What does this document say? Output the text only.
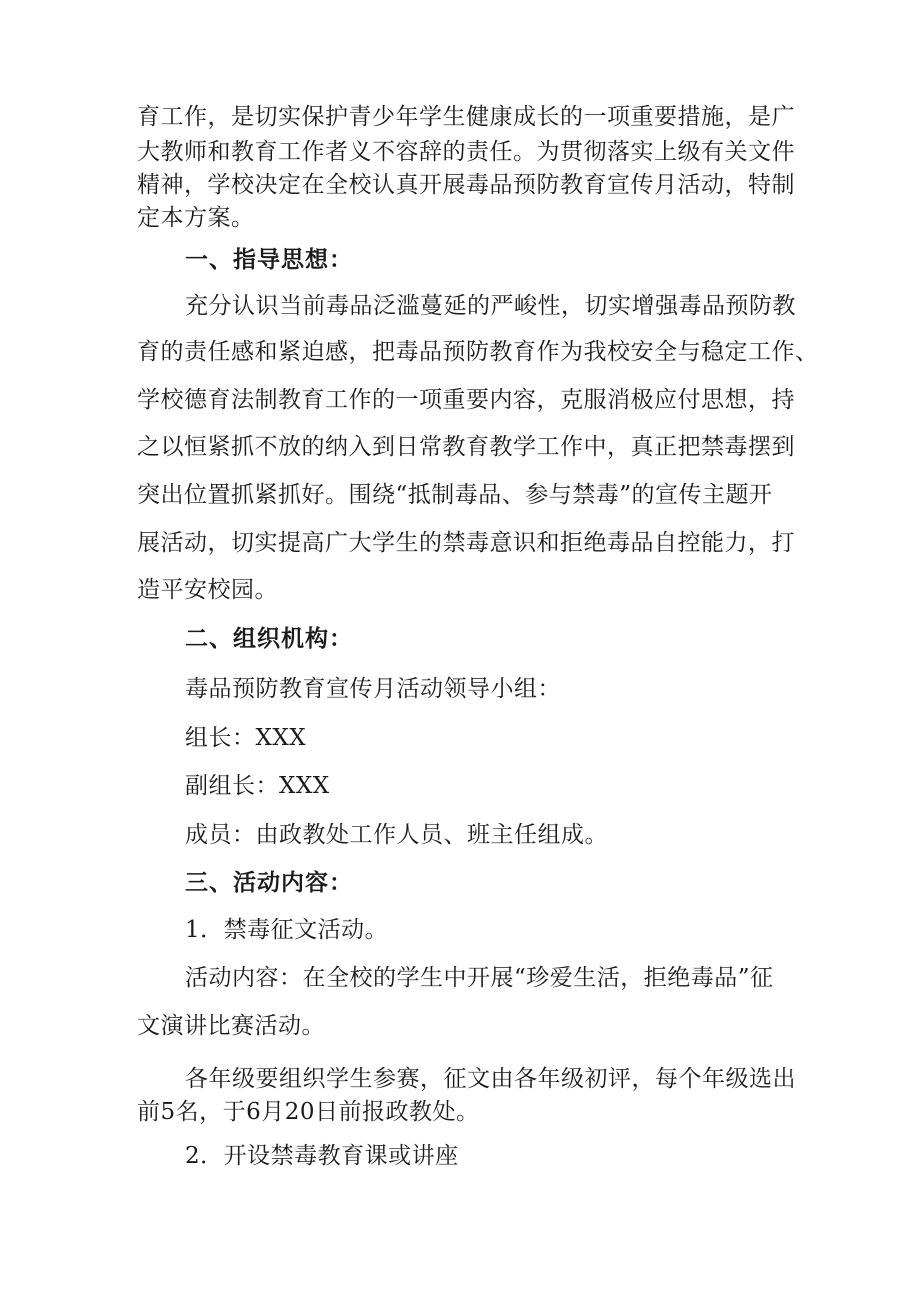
育工作，是切实保护青少年学生健康成长的一项重要措施，是广
大教师和教育工作者义不容辞的责任。为贯彻落实上级有关文件
精神，学校决定在全校认真开展毒品预防教育宣传月活动，特制
定本方案。
一、指导思想：
充分认识当前毒品泛滥蔓延的严峻性，切实增强毒品预防教
育的责任感和紧迫感，把毒品预防教育作为我校安全与稳定工作、
学校德育法制教育工作的一项重要内容，克服消极应付思想，持
之以恒紧抓不放的纳入到日常教育教学工作中，真正把禁毒摆到
突出位置抓紧抓好。围绕“抵制毒品、参与禁毒”的宣传主题开
展活动，切实提高广大学生的禁毒意识和拒绝毒品自控能力，打
造平安校园。
二、组织机构：
毒品预防教育宣传月活动领导小组：
组长：XXX
副组长：XXX
成员：由政教处工作人员、班主任组成。
三、活动内容：
1．禁毒征文活动。
活动内容：在全校的学生中开展“珍爱生活，拒绝毒品”征
文演讲比赛活动。
各年级要组织学生参赛，征文由各年级初评，每个年级选出
前5名，于6月20日前报政教处。
2．开设禁毒教育课或讲座
